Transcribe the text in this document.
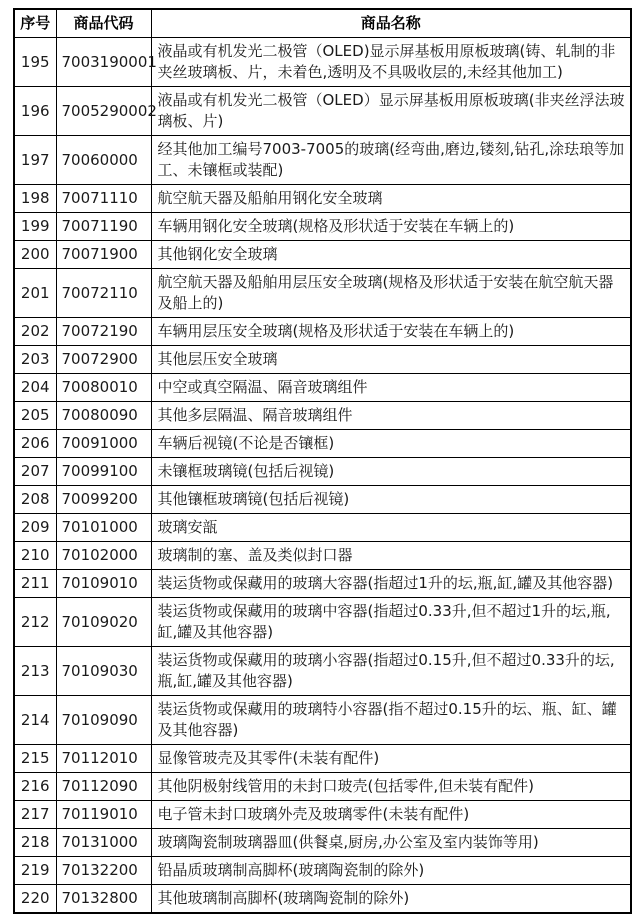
序号	商品代码	商品名称
195	7003190001	液晶或有机发光二极管（OLED)显示屏基板用原板玻璃(铸、轧制的非夹丝玻璃板、片，未着色,透明及不具吸收层的,未经其他加工)
196	7005290002	液晶或有机发光二极管（OLED）显示屏基板用原板玻璃(非夹丝浮法玻璃板、片)
197	70060000	经其他加工编号7003-7005的玻璃(经弯曲,磨边,镂刻,钻孔,涂珐琅等加工、未镶框或装配)
198	70071110	航空航天器及船舶用钢化安全玻璃
199	70071190	车辆用钢化安全玻璃(规格及形状适于安装在车辆上的)
200	70071900	其他钢化安全玻璃
201	70072110	航空航天器及船舶用层压安全玻璃(规格及形状适于安装在航空航天器及船上的)
202	70072190	车辆用层压安全玻璃(规格及形状适于安装在车辆上的)
203	70072900	其他层压安全玻璃
204	70080010	中空或真空隔温、隔音玻璃组件
205	70080090	其他多层隔温、隔音玻璃组件
206	70091000	车辆后视镜(不论是否镶框)
207	70099100	未镶框玻璃镜(包括后视镜)
208	70099200	其他镶框玻璃镜(包括后视镜)
209	70101000	玻璃安瓿
210	70102000	玻璃制的塞、盖及类似封口器
211	70109010	装运货物或保藏用的玻璃大容器(指超过1升的坛,瓶,缸,罐及其他容器)
212	70109020	装运货物或保藏用的玻璃中容器(指超过0.33升,但不超过1升的坛,瓶,缸,罐及其他容器)
213	70109030	装运货物或保藏用的玻璃小容器(指超过0.15升,但不超过0.33升的坛,瓶,缸,罐及其他容器)
214	70109090	装运货物或保藏用的玻璃特小容器(指不超过0.15升的坛、瓶、缸、罐及其他容器)
215	70112010	显像管玻壳及其零件(未装有配件)
216	70112090	其他阴极射线管用的未封口玻壳(包括零件,但未装有配件)
217	70119010	电子管未封口玻璃外壳及玻璃零件(未装有配件)
218	70131000	玻璃陶瓷制玻璃器皿(供餐桌,厨房,办公室及室内装饰等用)
219	70132200	铅晶质玻璃制高脚杯(玻璃陶瓷制的除外)
220	70132800	其他玻璃制高脚杯(玻璃陶瓷制的除外)
